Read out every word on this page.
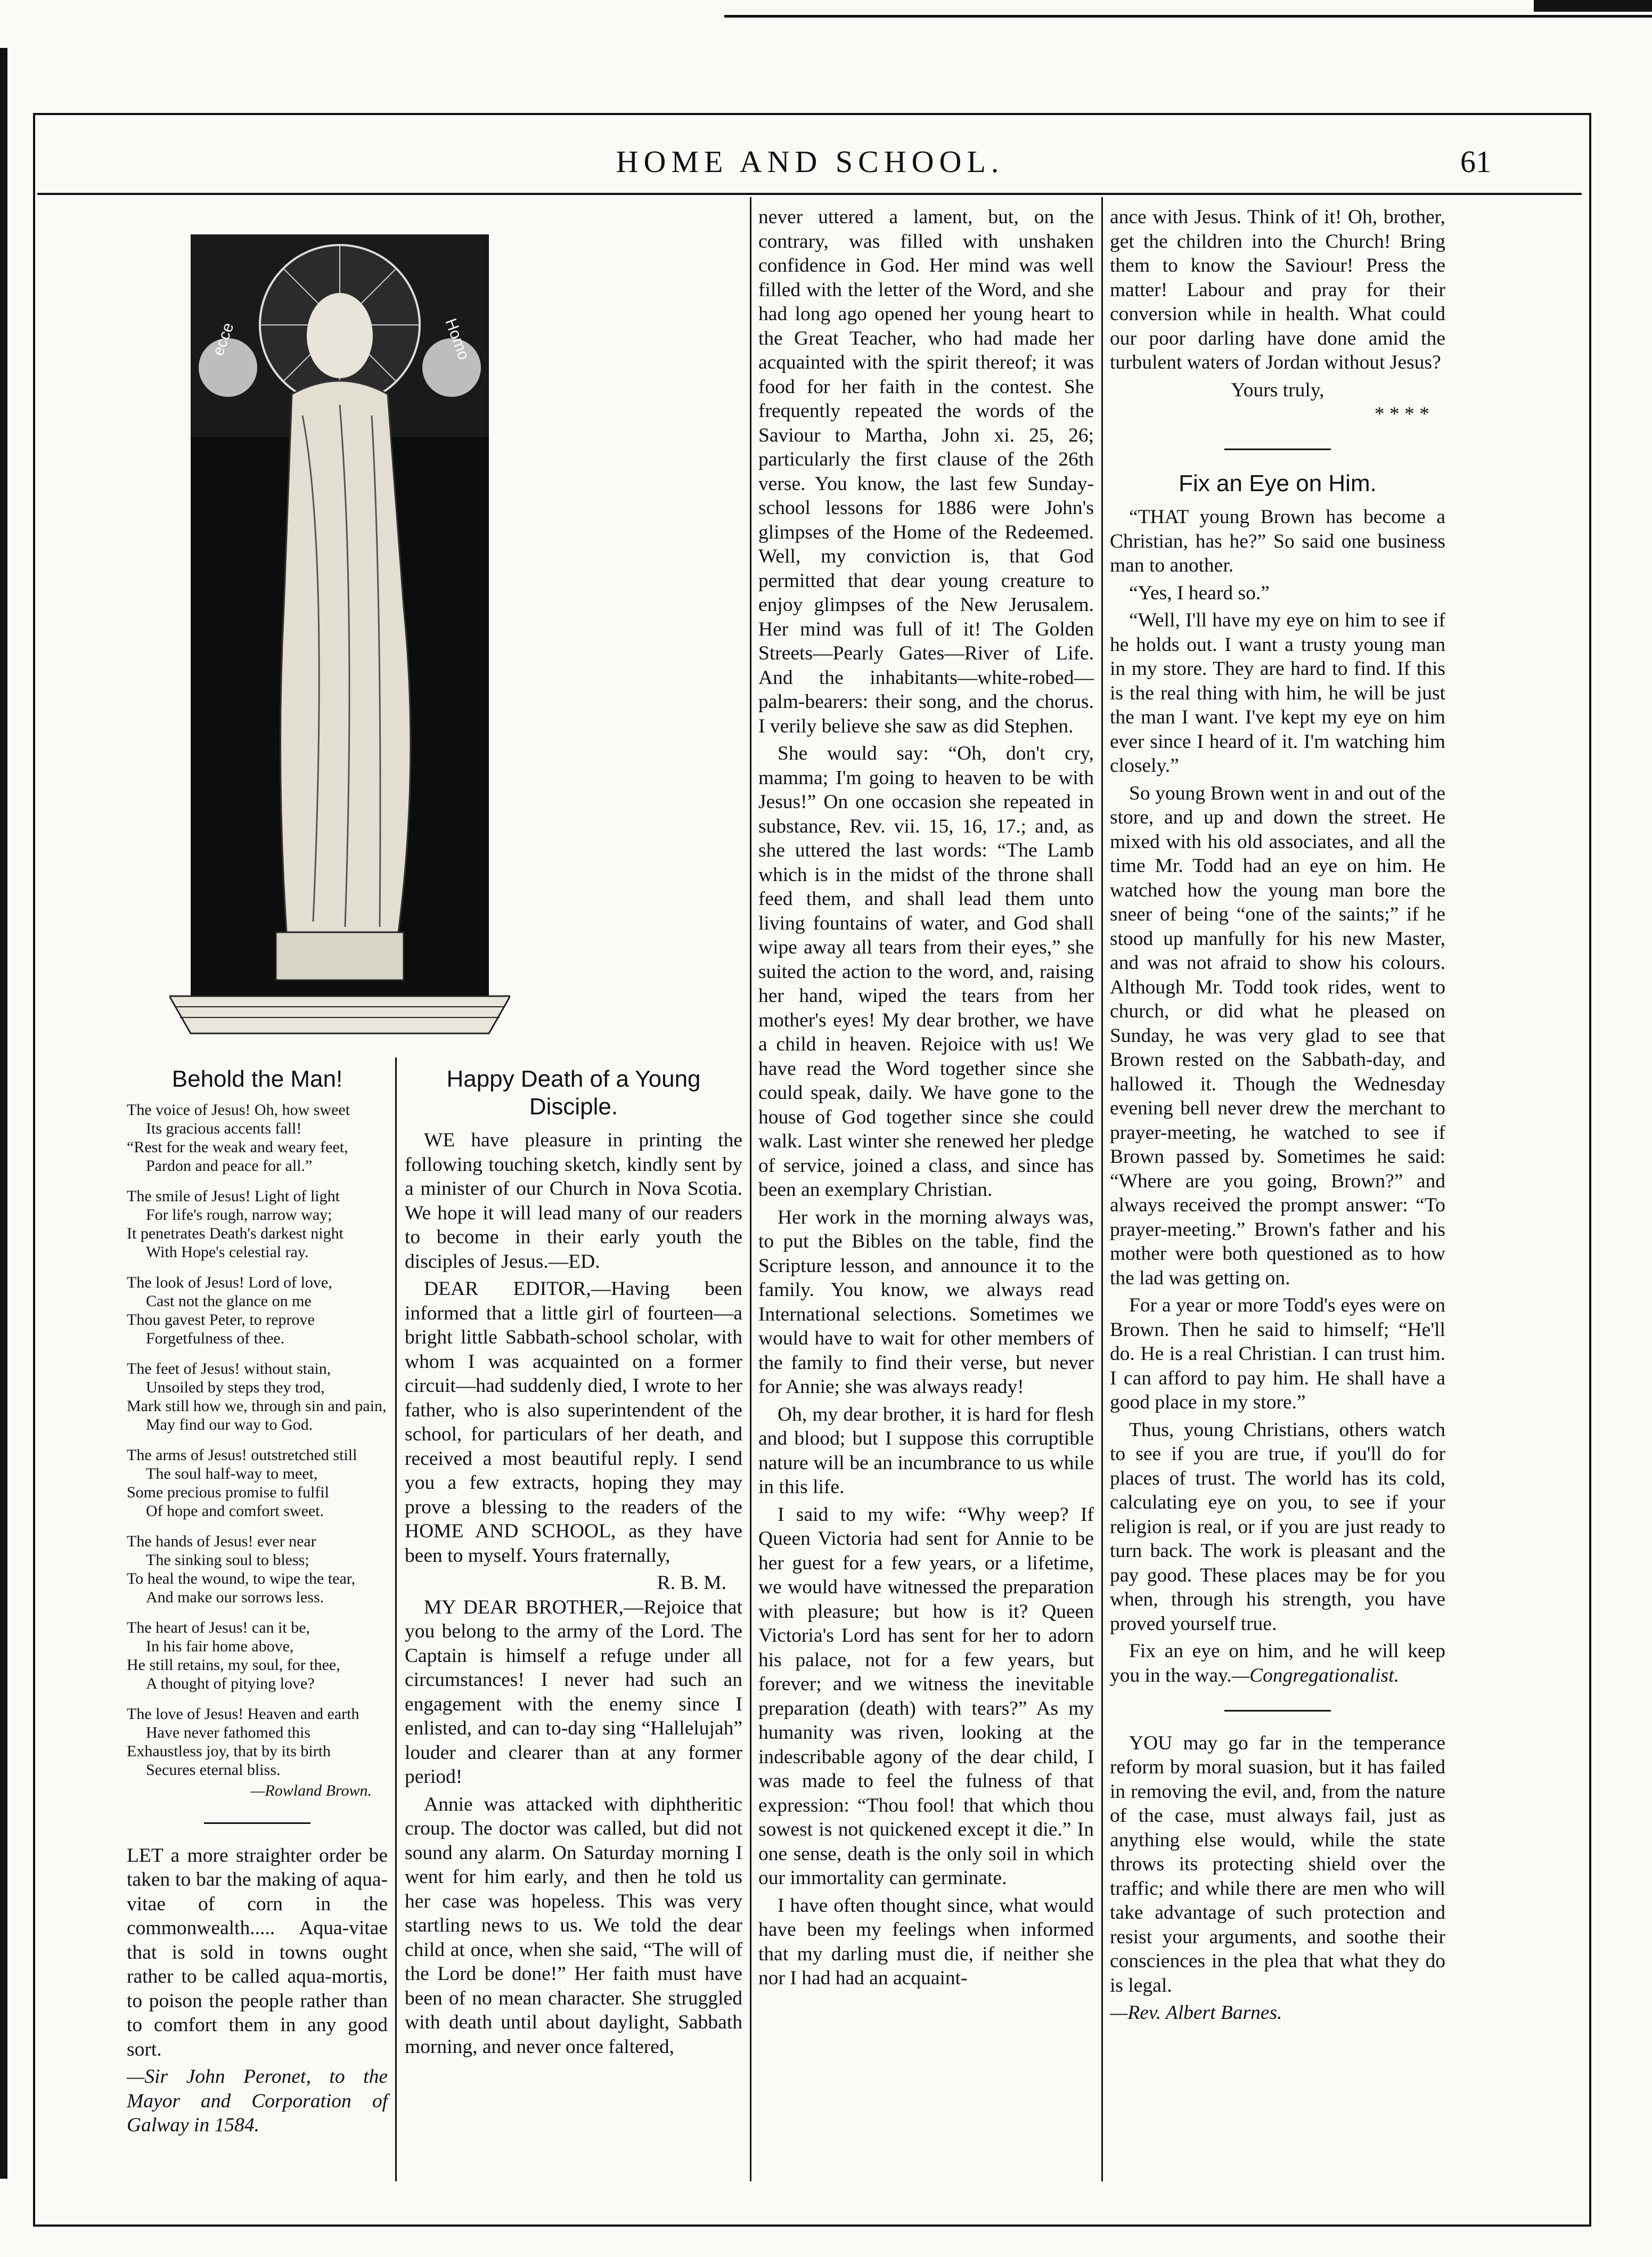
HOME AND SCHOOL.	61
ecce	Homo
Behold the Man!
The voice of Jesus! Oh, how sweet
Its gracious accents fall!
“Rest for the weak and weary feet,
Pardon and peace for all.”
The smile of Jesus! Light of light
For life's rough, narrow way;
It penetrates Death's darkest night
With Hope's celestial ray.
The look of Jesus! Lord of love,
Cast not the glance on me
Thou gavest Peter, to reprove
Forgetfulness of thee.
The feet of Jesus! without stain,
Unsoiled by steps they trod,
Mark still how we, through sin and pain,
May find our way to God.
The arms of Jesus! outstretched still
The soul half-way to meet,
Some precious promise to fulfil
Of hope and comfort sweet.
The hands of Jesus! ever near
The sinking soul to bless;
To heal the wound, to wipe the tear,
And make our sorrows less.
The heart of Jesus! can it be,
In his fair home above,
He still retains, my soul, for thee,
A thought of pitying love?
The love of Jesus! Heaven and earth
Have never fathomed this
Exhaustless joy, that by its birth
Secures eternal bliss.
—Rowland Brown.

LET a more straighter order be taken to bar the making of aqua-vitae of corn in the commonwealth..... Aqua-vitae that is sold in towns ought rather to be called aqua-mortis, to poison the people rather than to comfort them in any good sort.

—Sir John Peronet, to the Mayor and Corporation of Galway in 1584.

Happy Death of a Young Disciple.

WE have pleasure in printing the following touching sketch, kindly sent by a minister of our Church in Nova Scotia. We hope it will lead many of our readers to become in their early youth the disciples of Jesus.—ED.

DEAR EDITOR,—Having been informed that a little girl of fourteen—a bright little Sabbath-school scholar, with whom I was acquainted on a former circuit—had suddenly died, I wrote to her father, who is also superintendent of the school, for particulars of her death, and received a most beautiful reply. I send you a few extracts, hoping they may prove a blessing to the readers of the HOME AND SCHOOL, as they have been to myself. Yours fraternally,

R. B. M.

MY DEAR BROTHER,—Rejoice that you belong to the army of the Lord. The Captain is himself a refuge under all circumstances! I never had such an engagement with the enemy since I enlisted, and can to-day sing “Hallelujah” louder and clearer than at any former period!

Annie was attacked with diphtheritic croup. The doctor was called, but did not sound any alarm. On Saturday morning I went for him early, and then he told us her case was hopeless. This was very startling news to us. We told the dear child at once, when she said, “The will of the Lord be done!” Her faith must have been of no mean character. She struggled with death until about daylight, Sabbath morning, and never once faltered,

never uttered a lament, but, on the contrary, was filled with unshaken confidence in God. Her mind was well filled with the letter of the Word, and she had long ago opened her young heart to the Great Teacher, who had made her acquainted with the spirit thereof; it was food for her faith in the contest. She frequently repeated the words of the Saviour to Martha, John xi. 25, 26; particularly the first clause of the 26th verse. You know, the last few Sunday-school lessons for 1886 were John's glimpses of the Home of the Redeemed. Well, my conviction is, that God permitted that dear young creature to enjoy glimpses of the New Jerusalem. Her mind was full of it! The Golden Streets—Pearly Gates—River of Life. And the inhabitants—white-robed—palm-bearers: their song, and the chorus. I verily believe she saw as did Stephen.

She would say: “Oh, don't cry, mamma; I'm going to heaven to be with Jesus!” On one occasion she repeated in substance, Rev. vii. 15, 16, 17.; and, as she uttered the last words: “The Lamb which is in the midst of the throne shall feed them, and shall lead them unto living fountains of water, and God shall wipe away all tears from their eyes,” she suited the action to the word, and, raising her hand, wiped the tears from her mother's eyes! My dear brother, we have a child in heaven. Rejoice with us! We have read the Word together since she could speak, daily. We have gone to the house of God together since she could walk. Last winter she renewed her pledge of service, joined a class, and since has been an exemplary Christian.

Her work in the morning always was, to put the Bibles on the table, find the Scripture lesson, and announce it to the family. You know, we always read International selections. Sometimes we would have to wait for other members of the family to find their verse, but never for Annie; she was always ready!

Oh, my dear brother, it is hard for flesh and blood; but I suppose this corruptible nature will be an incumbrance to us while in this life.

I said to my wife: “Why weep? If Queen Victoria had sent for Annie to be her guest for a few years, or a lifetime, we would have witnessed the preparation with pleasure; but how is it? Queen Victoria's Lord has sent for her to adorn his palace, not for a few years, but forever; and we witness the inevitable preparation (death) with tears?” As my humanity was riven, looking at the indescribable agony of the dear child, I was made to feel the fulness of that expression: “Thou fool! that which thou sowest is not quickened except it die.” In one sense, death is the only soil in which our immortality can germinate.

I have often thought since, what would have been my feelings when informed that my darling must die, if neither she nor I had had an acquaint-

ance with Jesus. Think of it! Oh, brother, get the children into the Church! Bring them to know the Saviour! Press the matter! Labour and pray for their conversion while in health. What could our poor darling have done amid the turbulent waters of Jordan without Jesus?

Yours truly,
* * * *
Fix an Eye on Him.

“THAT young Brown has become a Christian, has he?” So said one business man to another.

“Yes, I heard so.”

“Well, I'll have my eye on him to see if he holds out. I want a trusty young man in my store. They are hard to find. If this is the real thing with him, he will be just the man I want. I've kept my eye on him ever since I heard of it. I'm watching him closely.”

So young Brown went in and out of the store, and up and down the street. He mixed with his old associates, and all the time Mr. Todd had an eye on him. He watched how the young man bore the sneer of being “one of the saints;” if he stood up manfully for his new Master, and was not afraid to show his colours. Although Mr. Todd took rides, went to church, or did what he pleased on Sunday, he was very glad to see that Brown rested on the Sabbath-day, and hallowed it. Though the Wednesday evening bell never drew the merchant to prayer-meeting, he watched to see if Brown passed by. Sometimes he said: “Where are you going, Brown?” and always received the prompt answer: “To prayer-meeting.” Brown's father and his mother were both questioned as to how the lad was getting on.

For a year or more Todd's eyes were on Brown. Then he said to himself; “He'll do. He is a real Christian. I can trust him. I can afford to pay him. He shall have a good place in my store.”

Thus, young Christians, others watch to see if you are true, if you'll do for places of trust. The world has its cold, calculating eye on you, to see if your religion is real, or if you are just ready to turn back. The work is pleasant and the pay good. These places may be for you when, through his strength, you have proved yourself true.

Fix an eye on him, and he will keep you in the way.—Congregationalist.

YOU may go far in the temperance reform by moral suasion, but it has failed in removing the evil, and, from the nature of the case, must always fail, just as anything else would, while the state throws its protecting shield over the traffic; and while there are men who will take advantage of such protection and resist your arguments, and soothe their consciences in the plea that what they do is legal.

—Rev. Albert Barnes.
